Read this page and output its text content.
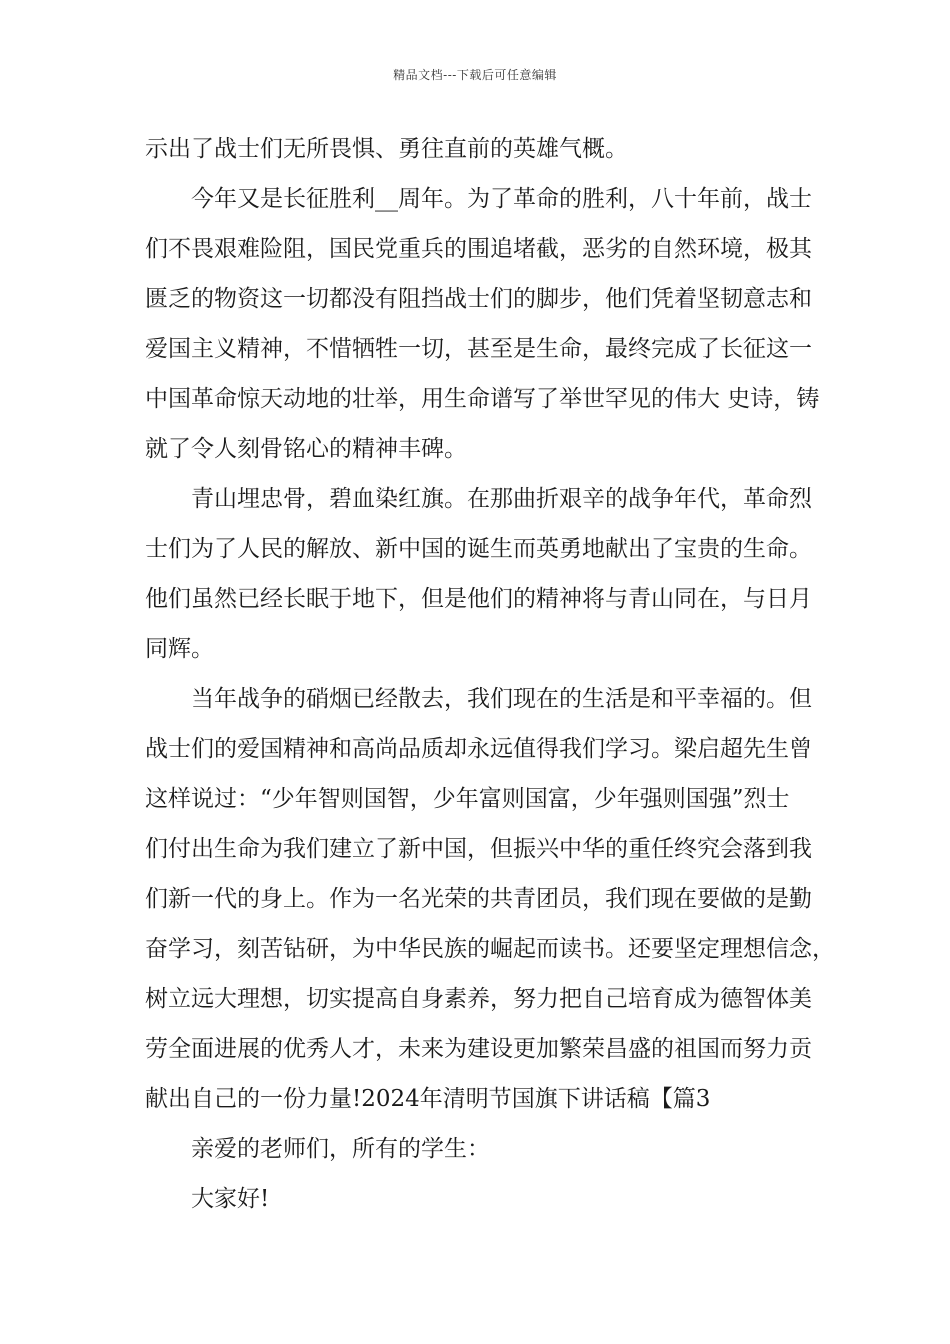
精品文档---下载后可任意编辑
示出了战士们无所畏惧、勇往直前的英雄气概。
今年又是长征胜利__周年。为了革命的胜利，八十年前，战士
们不畏艰难险阻，国民党重兵的围追堵截，恶劣的自然环境，极其
匮乏的物资这一切都没有阻挡战士们的脚步，他们凭着坚韧意志和
爱国主义精神，不惜牺牲一切，甚至是生命，最终完成了长征这一
中国革命惊天动地的壮举，用生命谱写了举世罕见的伟大 史诗，铸
就了令人刻骨铭心的精神丰碑。
青山埋忠骨，碧血染红旗。在那曲折艰辛的战争年代，革命烈
士们为了人民的解放、新中国的诞生而英勇地献出了宝贵的生命。
他们虽然已经长眠于地下，但是他们的精神将与青山同在，与日月
同辉。
当年战争的硝烟已经散去，我们现在的生活是和平幸福的。但
战士们的爱国精神和高尚品质却永远值得我们学习。梁启超先生曾
这样说过：“少年智则国智，少年富则国富，少年强则国强”烈士
们付出生命为我们建立了新中国，但振兴中华的重任终究会落到我
们新一代的身上。作为一名光荣的共青团员，我们现在要做的是勤
奋学习，刻苦钻研，为中华民族的崛起而读书。还要坚定理想信念，
树立远大理想，切实提高自身素养，努力把自己培育成为德智体美
劳全面进展的优秀人才，未来为建设更加繁荣昌盛的祖国而努力贡
献出自己的一份力量!2024年清明节国旗下讲话稿【篇3
亲爱的老师们，所有的学生：
大家好!
